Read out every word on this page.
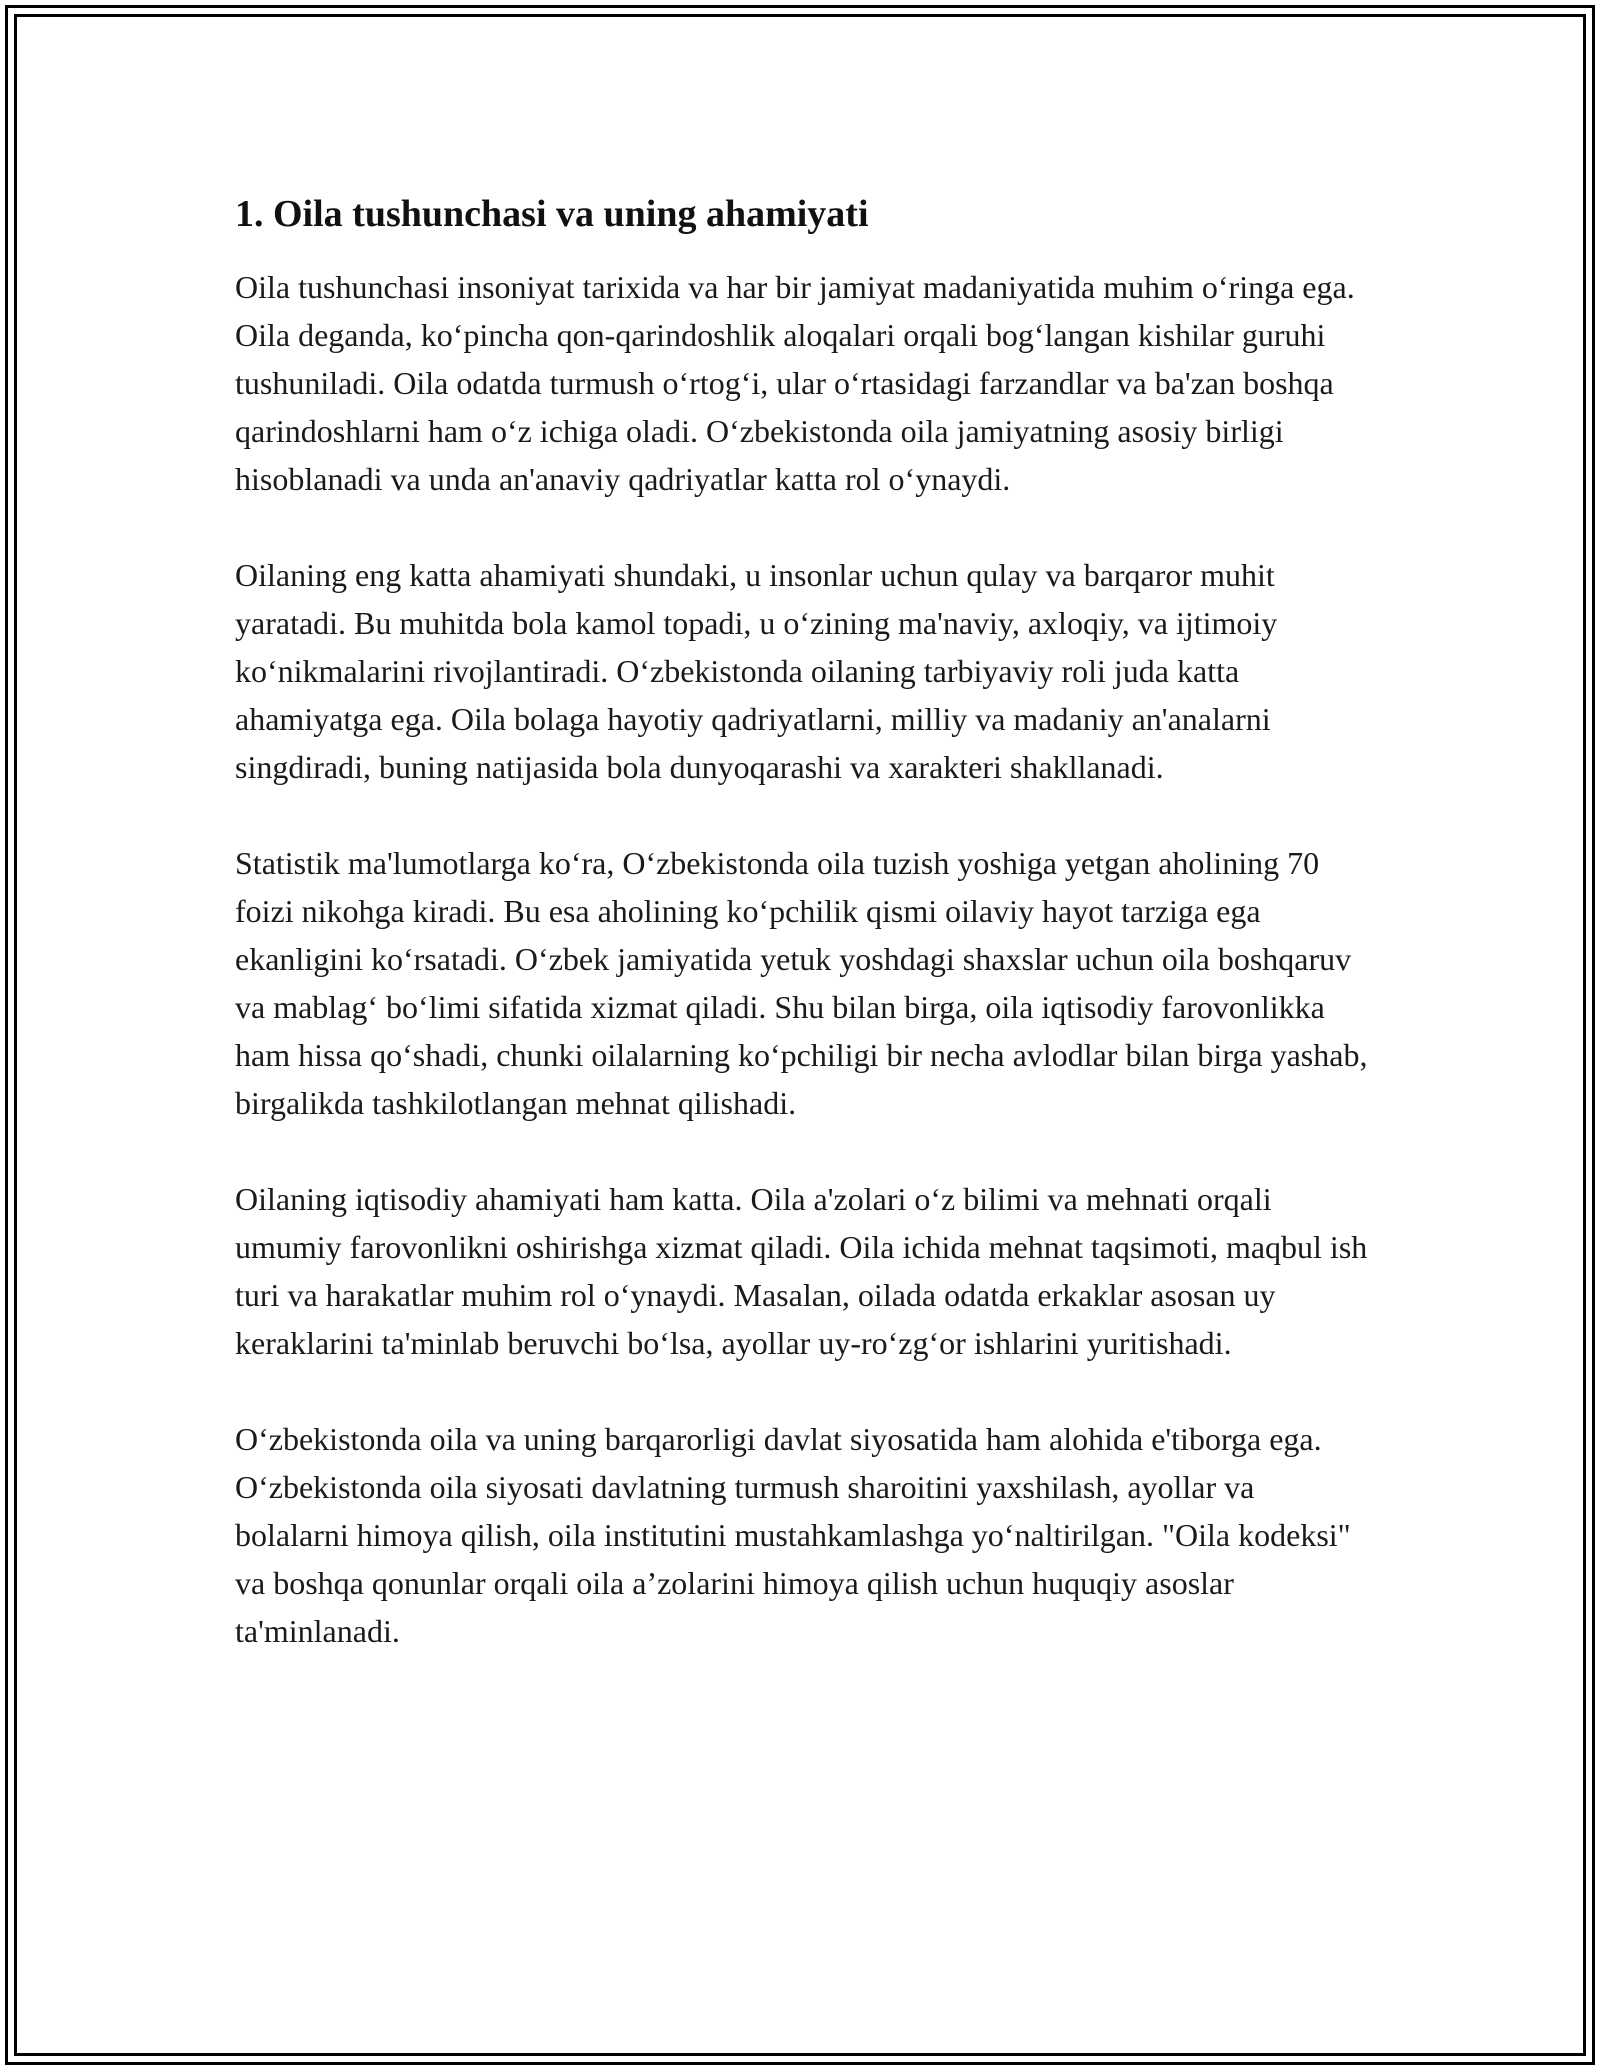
1. Oila tushunchasi va uning ahamiyati

Oila tushunchasi insoniyat tarixida va har bir jamiyat madaniyatida muhim o‘ringa ega. Oila deganda, ko‘pincha qon-qarindoshlik aloqalari orqali bog‘langan kishilar guruhi tushuniladi. Oila odatda turmush o‘rtog‘i, ular o‘rtasidagi farzandlar va ba'zan boshqa qarindoshlarni ham o‘z ichiga oladi. O‘zbekistonda oila jamiyatning asosiy birligi hisoblanadi va unda an'anaviy qadriyatlar katta rol o‘ynaydi.

Oilaning eng katta ahamiyati shundaki, u insonlar uchun qulay va barqaror muhit yaratadi. Bu muhitda bola kamol topadi, u o‘zining ma'naviy, axloqiy, va ijtimoiy ko‘nikmalarini rivojlantiradi. O‘zbekistonda oilaning tarbiyaviy roli juda katta ahamiyatga ega. Oila bolaga hayotiy qadriyatlarni, milliy va madaniy an'analarni singdiradi, buning natijasida bola dunyoqarashi va xarakteri shakllanadi.

Statistik ma'lumotlarga ko‘ra, O‘zbekistonda oila tuzish yoshiga yetgan aholining 70 foizi nikohga kiradi. Bu esa aholining ko‘pchilik qismi oilaviy hayot tarziga ega ekanligini ko‘rsatadi. O‘zbek jamiyatida yetuk yoshdagi shaxslar uchun oila boshqaruv va mablag‘ bo‘limi sifatida xizmat qiladi. Shu bilan birga, oila iqtisodiy farovonlikka ham hissa qo‘shadi, chunki oilalarning ko‘pchiligi bir necha avlodlar bilan birga yashab, birgalikda tashkilotlangan mehnat qilishadi.

Oilaning iqtisodiy ahamiyati ham katta. Oila a'zolari o‘z bilimi va mehnati orqali umumiy farovonlikni oshirishga xizmat qiladi. Oila ichida mehnat taqsimoti, maqbul ish turi va harakatlar muhim rol o‘ynaydi. Masalan, oilada odatda erkaklar asosan uy keraklarini ta'minlab beruvchi bo‘lsa, ayollar uy-ro‘zg‘or ishlarini yuritishadi.

O‘zbekistonda oila va uning barqarorligi davlat siyosatida ham alohida e'tiborga ega. O‘zbekistonda oila siyosati davlatning turmush sharoitini yaxshilash, ayollar va bolalarni himoya qilish, oila institutini mustahkamlashga yo‘naltirilgan. "Oila kodeksi" va boshqa qonunlar orqali oila a’zolarini himoya qilish uchun huquqiy asoslar ta'minlanadi.
